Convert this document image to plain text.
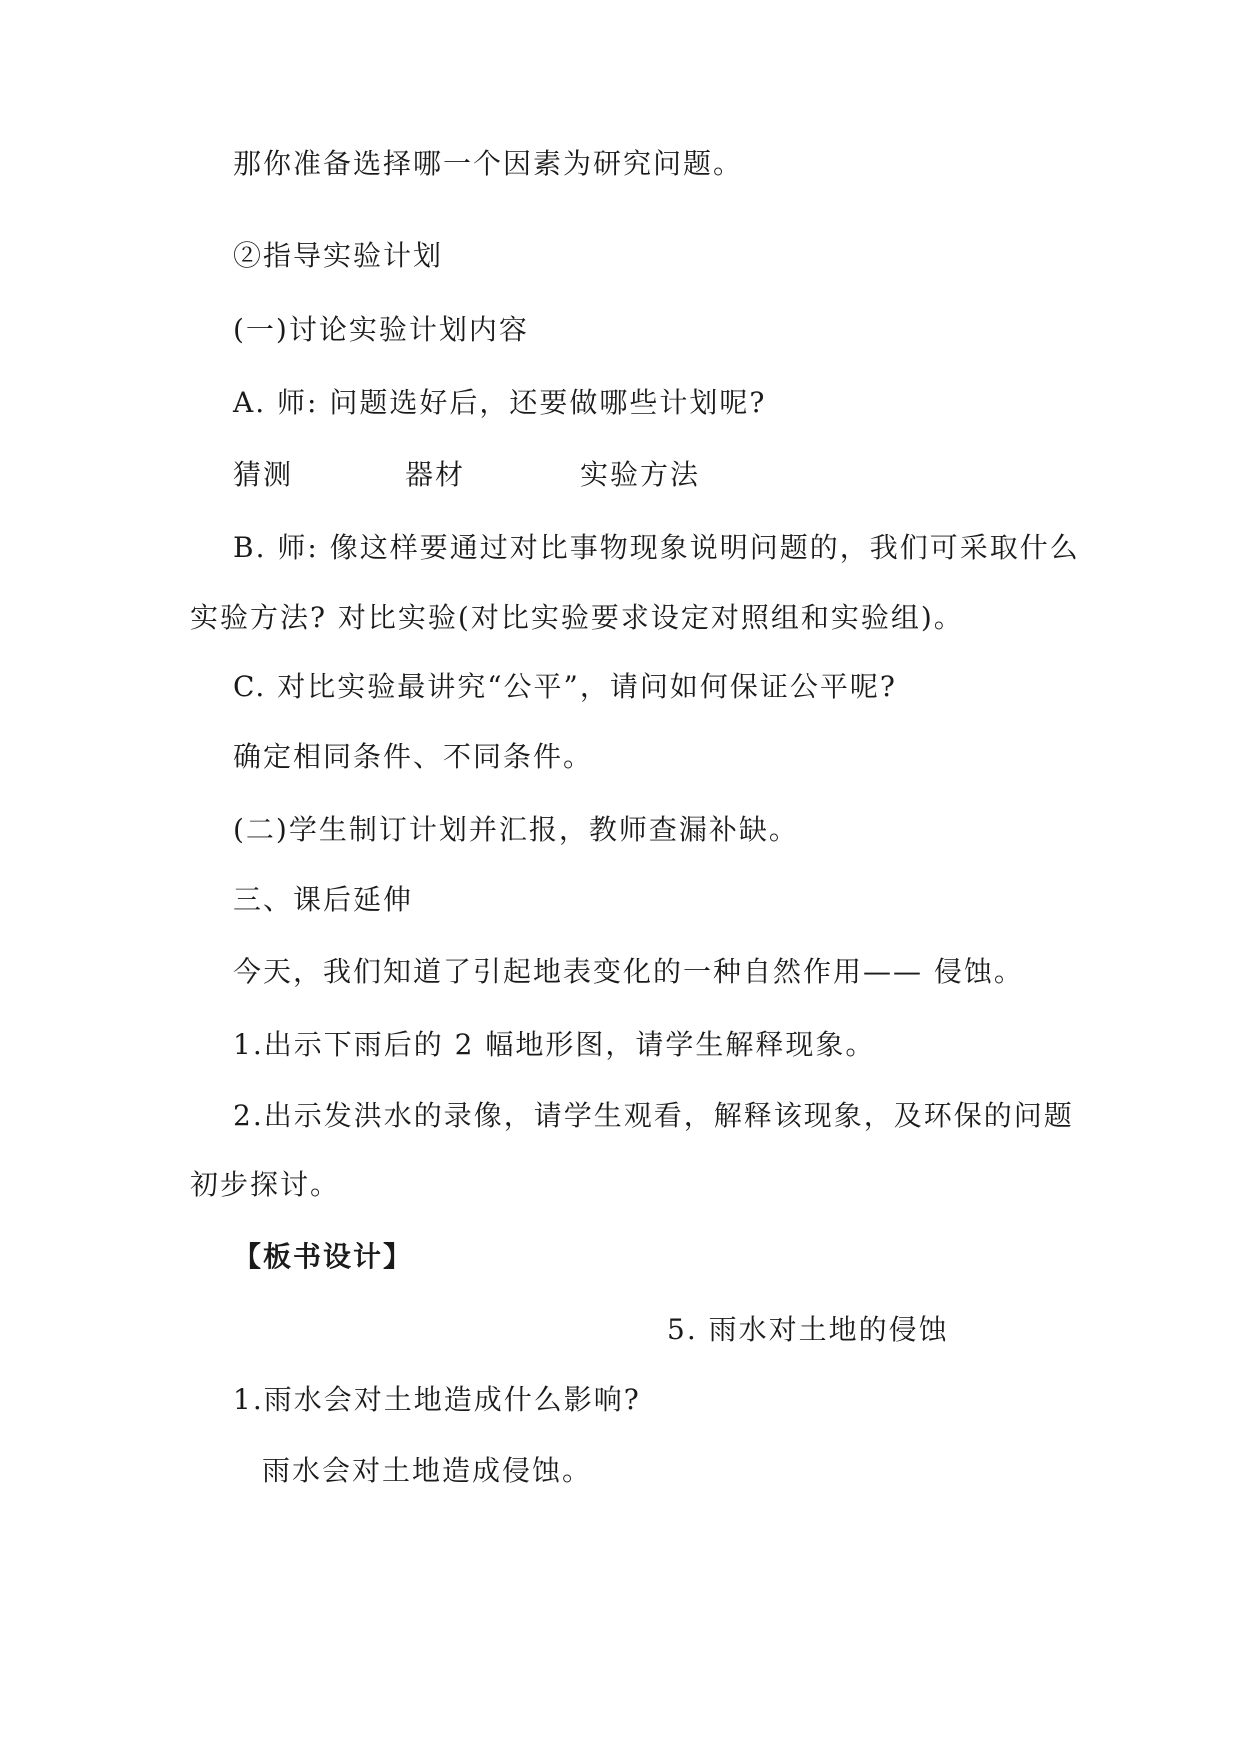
那你准备选择哪一个因素为研究问题。
②指导实验计划
(一)讨论实验计划内容
A. 师: 问题选好后，还要做哪些计划呢?
猜测	器材	实验方法
B. 师: 像这样要通过对比事物现象说明问题的，我们可采取什么
实验方法? 对比实验(对比实验要求设定对照组和实验组)。
C. 对比实验最讲究“公平”，请问如何保证公平呢?
确定相同条件、不同条件。
(二)学生制订计划并汇报，教师查漏补缺。
三、课后延伸
今天，我们知道了引起地表变化的一种自然作用—— 侵蚀。
1.出示下雨后的 2 幅地形图，请学生解释现象。
2.出示发洪水的录像，请学生观看，解释该现象，及环保的问题
初步探讨。
【板书设计】
5. 雨水对土地的侵蚀
1.雨水会对土地造成什么影响?
雨水会对土地造成侵蚀。
